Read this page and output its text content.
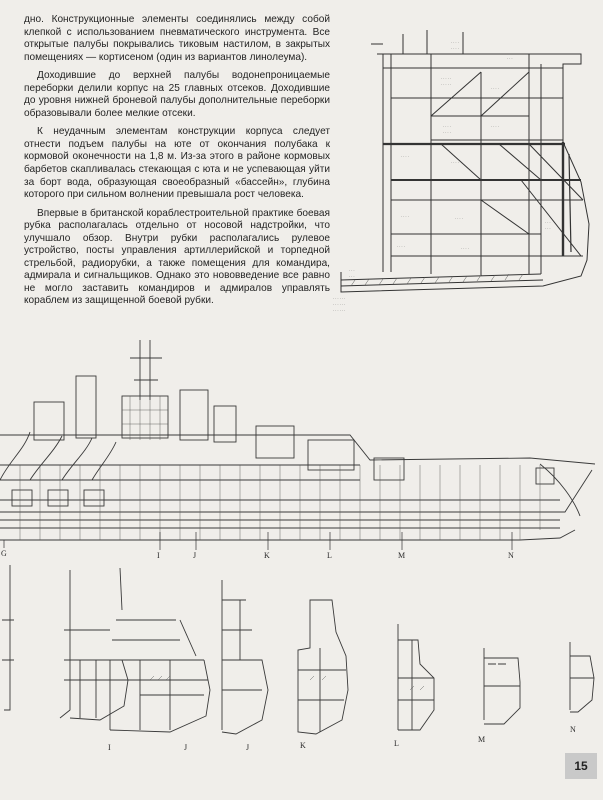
дно. Конструкционные элементы соединялись между собой клепкой с использованием пневматического инструмента. Все открытые палубы покрывались тиковым настилом, в закрытых помещениях — кортисеном (один из вариантов линолеума).

Доходившие до верхней палубы водонепроницаемые переборки делили корпус на 25 главных отсеков. Доходившие до уровня нижней броневой палубы дополнительные переборки образовывали более мелкие отсеки.

К неудачным элементам конструкции корпуса следует отнести подъем палубы на юте от окончания полубака к кормовой оконечности на 1,8 м. Из-за этого в районе кормовых барбетов скапливалась стекающая с юта и не успевающая уйти за борт вода, образующая своеобразный «бассейн», глубина которого при сильном волнении превышала рост человека.

Впервые в британской кораблестроительной практике боевая рубка располагалась отдельно от носовой надстройки, что улучшало обзор. Внутри рубки располагались рулевое устройство, посты управления артиллерийской и торпедной стрельбой, радиорубки, а также помещения для командира, адмирала и сигнальщиков. Однако это нововведение все равно не могло заставить командиров и адмиралов управлять кораблем из защищенной боевой рубки.

· · · ·
· · · ·
· · ·
· · · · ·
· · · · ·
· · · ·
· · · ·
· · · ·
· · · ·
· · · ·
· · · ·
· · · ·	· · · ·
· · ·
· · ·
· · · ·	· · · ·
· · ·
· · ·
· · · · · ·
· · · · · ·
· · · · · ·
G	I	J	K	L	M	N
I	J	J	K	L	M
N
15
